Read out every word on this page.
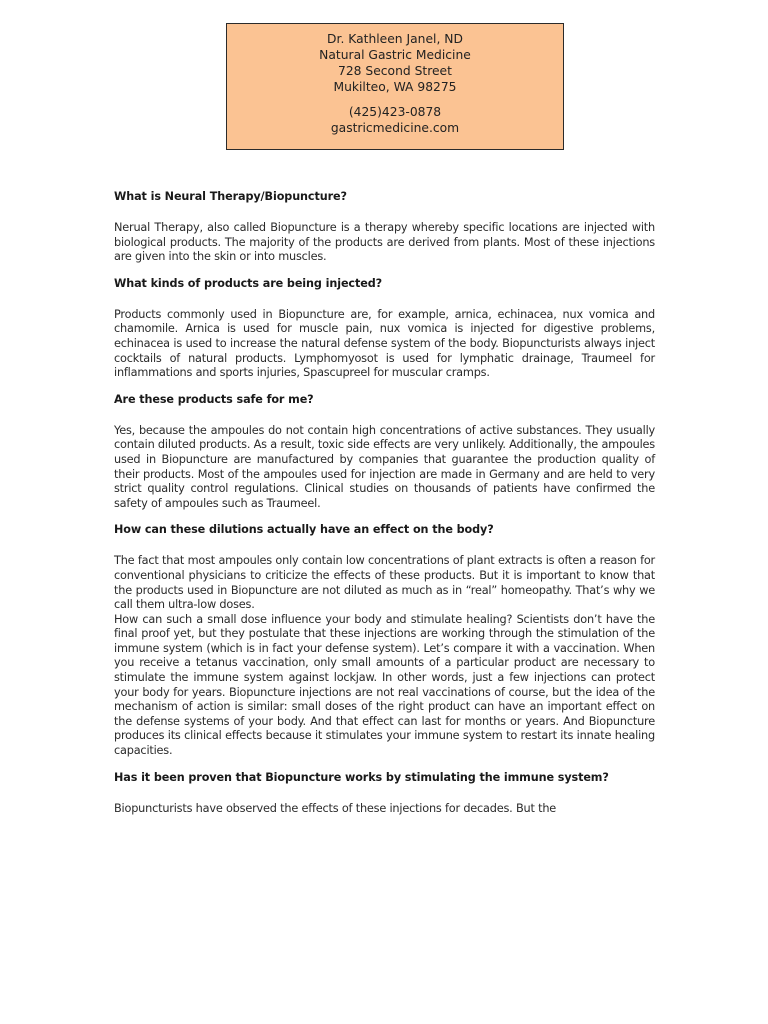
Dr. Kathleen Janel, ND
Natural Gastric Medicine
728 Second Street
Mukilteo, WA 98275
(425)423-0878
gastricmedicine.com
What is Neural Therapy/Biopuncture?

Nerual Therapy, also called Biopuncture is a therapy whereby specific locations are injected with biological products. The majority of the products are derived from plants. Most of these injections are given into the skin or into muscles.

What kinds of products are being injected?

Products commonly used in Biopuncture are, for example, arnica, echinacea, nux vomica and chamomile. Arnica is used for muscle pain, nux vomica is injected for digestive problems, echinacea is used to increase the natural defense system of the body. Biopuncturists always inject cocktails of natural products. Lymphomyosot is used for lymphatic drainage, Traumeel for inflammations and sports injuries, Spascupreel for muscular cramps.

Are these products safe for me?

Yes, because the ampoules do not contain high concentrations of active substances. They usually contain diluted products. As a result, toxic side effects are very unlikely. Additionally, the ampoules used in Biopuncture are manufactured by companies that guarantee the production quality of their products. Most of the ampoules used for injection are made in Germany and are held to very strict quality control regulations. Clinical studies on thousands of patients have confirmed the safety of ampoules such as Traumeel.

How can these dilutions actually have an effect on the body?

The fact that most ampoules only contain low concentrations of plant extracts is often a reason for conventional physicians to criticize the effects of these products. But it is important to know that the products used in Biopuncture are not diluted as much as in “real” homeopathy. That’s why we call them ultra-low doses.

How can such a small dose influence your body and stimulate healing? Scientists don’t have the final proof yet, but they postulate that these injections are working through the stimulation of the immune system (which is in fact your defense system). Let’s compare it with a vaccination. When you receive a tetanus vaccination, only small amounts of a particular product are necessary to stimulate the immune system against lockjaw. In other words, just a few injections can protect your body for years. Biopuncture injections are not real vaccinations of course, but the idea of the mechanism of action is similar: small doses of the right product can have an important effect on the defense systems of your body. And that effect can last for months or years. And Biopuncture produces its clinical effects because it stimulates your immune system to restart its innate healing capacities.

Has it been proven that Biopuncture works by stimulating the immune system?

Biopuncturists have observed the effects of these injections for decades. But the
